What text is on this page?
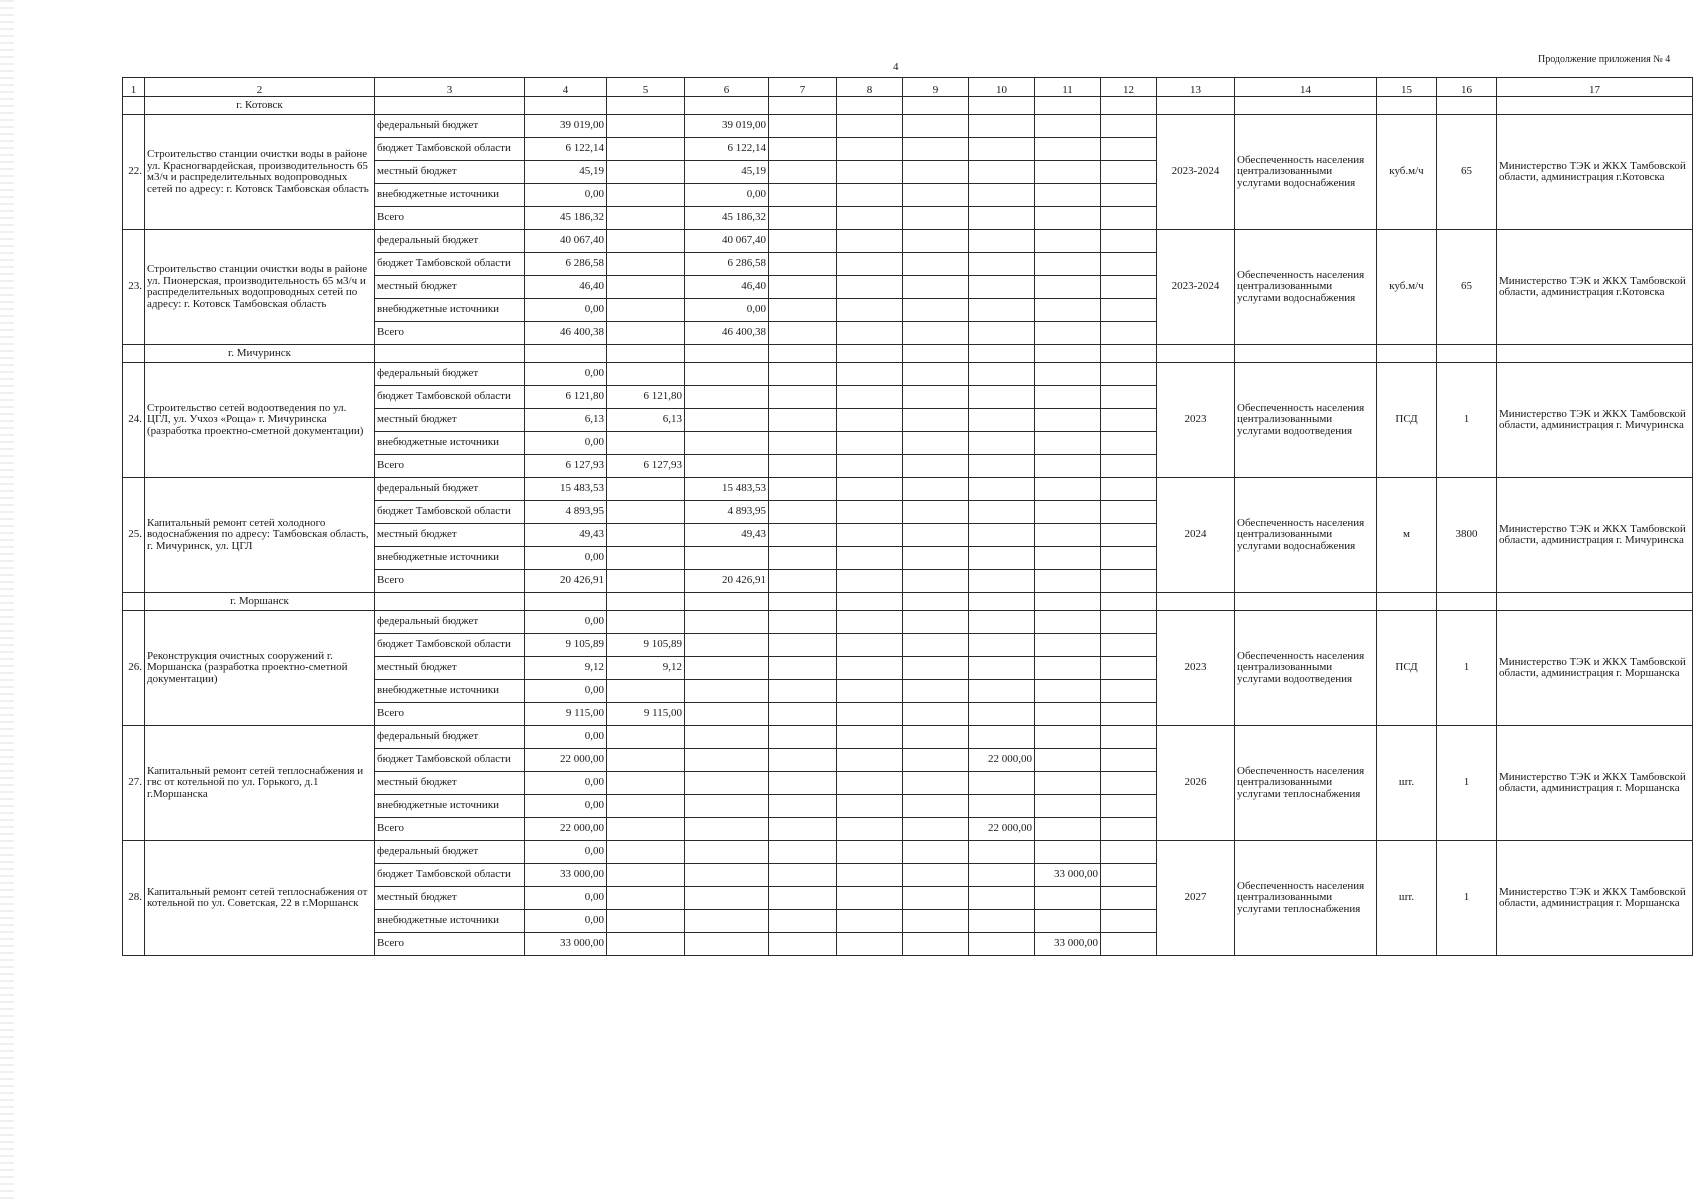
4
Продолжение приложения № 4
1	2	3	4	5	6	7	8	9	10	11	12	13	14	15	16	17
	г. Котовск															
22.	Строительство станции очистки воды в районе ул. Красногвардейская, производительность 65 м3/ч и распределительных водопроводных сетей по адресу: г. Котовск Тамбовская область	федеральный бюджет	39 019,00		39 019,00							2023-2024	Обеспеченность населения централизованными услугами водоснабжения	куб.м/ч	65	Министерство ТЭК и ЖКХ Тамбовской области, администрация г.Котовска
		бюджет Тамбовской области	6 122,14		6 122,14											
		местный бюджет	45,19		45,19											
		внебюджетные источники	0,00		0,00											
		Всего	45 186,32		45 186,32											
23.	Строительство станции очистки воды в районе ул. Пионерская, производительность 65 м3/ч и распределительных водопроводных сетей по адресу: г. Котовск Тамбовская область	федеральный бюджет	40 067,40		40 067,40							2023-2024	Обеспеченность населения централизованными услугами водоснабжения	куб.м/ч	65	Министерство ТЭК и ЖКХ Тамбовской области, администрация г.Котовска
		бюджет Тамбовской области	6 286,58		6 286,58											
		местный бюджет	46,40		46,40											
		внебюджетные источники	0,00		0,00											
		Всего	46 400,38		46 400,38											
	г. Мичуринск															
24.	Строительство сетей водоотведения по ул. ЦГЛ, ул. Учхоз «Роща» г. Мичуринска (разработка проектно-сметной документации)	федеральный бюджет	0,00									2023	Обеспеченность населения централизованными услугами водоотведения	ПСД	1	Министерство ТЭК и ЖКХ Тамбовской области, администрация г. Мичуринска
		бюджет Тамбовской области	6 121,80	6 121,80												
		местный бюджет	6,13	6,13												
		внебюджетные источники	0,00													
		Всего	6 127,93	6 127,93												
25.	Капитальный ремонт сетей холодного водоснабжения по адресу: Тамбовская область, г. Мичуринск, ул. ЦГЛ	федеральный бюджет	15 483,53		15 483,53							2024	Обеспеченность населения централизованными услугами водоснабжения	м	3800	Министерство ТЭК и ЖКХ Тамбовской области, администрация г. Мичуринска
		бюджет Тамбовской области	4 893,95		4 893,95											
		местный бюджет	49,43		49,43											
		внебюджетные источники	0,00													
		Всего	20 426,91		20 426,91											
	г. Моршанск															
26.	Реконструкция очистных сооружений г. Моршанска (разработка проектно-сметной документации)	федеральный бюджет	0,00									2023	Обеспеченность населения централизованными услугами водоотведения	ПСД	1	Министерство ТЭК и ЖКХ Тамбовской области, администрация г. Моршанска
		бюджет Тамбовской области	9 105,89	9 105,89												
		местный бюджет	9,12	9,12												
		внебюджетные источники	0,00													
		Всего	9 115,00	9 115,00												
27.	Капитальный ремонт сетей теплоснабжения и гвс от котельной по ул. Горького, д.1 г.Моршанска	федеральный бюджет	0,00									2026	Обеспеченность населения централизованными услугами теплоснабжения	шт.	1	Министерство ТЭК и ЖКХ Тамбовской области, администрация г. Моршанска
		бюджет Тамбовской области	22 000,00						22 000,00							
		местный бюджет	0,00													
		внебюджетные источники	0,00													
		Всего	22 000,00						22 000,00							
28.	Капитальный ремонт сетей теплоснабжения от котельной по ул. Советская, 22 в г.Моршанск	федеральный бюджет	0,00									2027	Обеспеченность населения централизованными услугами теплоснабжения	шт.	1	Министерство ТЭК и ЖКХ Тамбовской области, администрация г. Моршанска
		бюджет Тамбовской области	33 000,00							33 000,00						
		местный бюджет	0,00													
		внебюджетные источники	0,00													
		Всего	33 000,00							33 000,00						
